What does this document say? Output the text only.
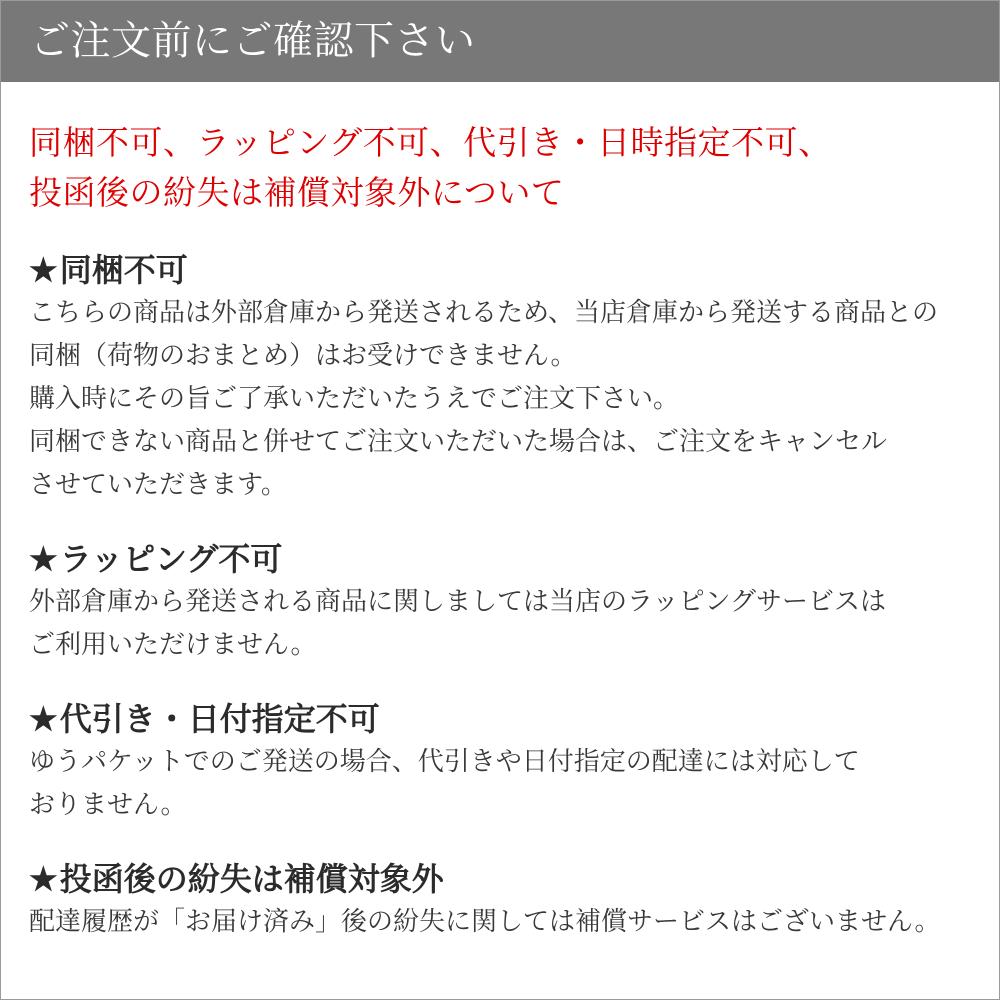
ご注文前にご確認下さい
同梱不可、ラッピング不可、代引き・日時指定不可、
投函後の紛失は補償対象外について
★同梱不可
こちらの商品は外部倉庫から発送されるため、当店倉庫から発送する商品との
同梱（荷物のおまとめ）はお受けできません。
購入時にその旨ご了承いただいたうえでご注文下さい。
同梱できない商品と併せてご注文いただいた場合は、ご注文をキャンセル
させていただきます。
★ラッピング不可
外部倉庫から発送される商品に関しましては当店のラッピングサービスは
ご利用いただけません。
★代引き・日付指定不可
ゆうパケットでのご発送の場合、代引きや日付指定の配達には対応して
おりません。
★投函後の紛失は補償対象外
配達履歴が「お届け済み」後の紛失に関しては補償サービスはございません。
